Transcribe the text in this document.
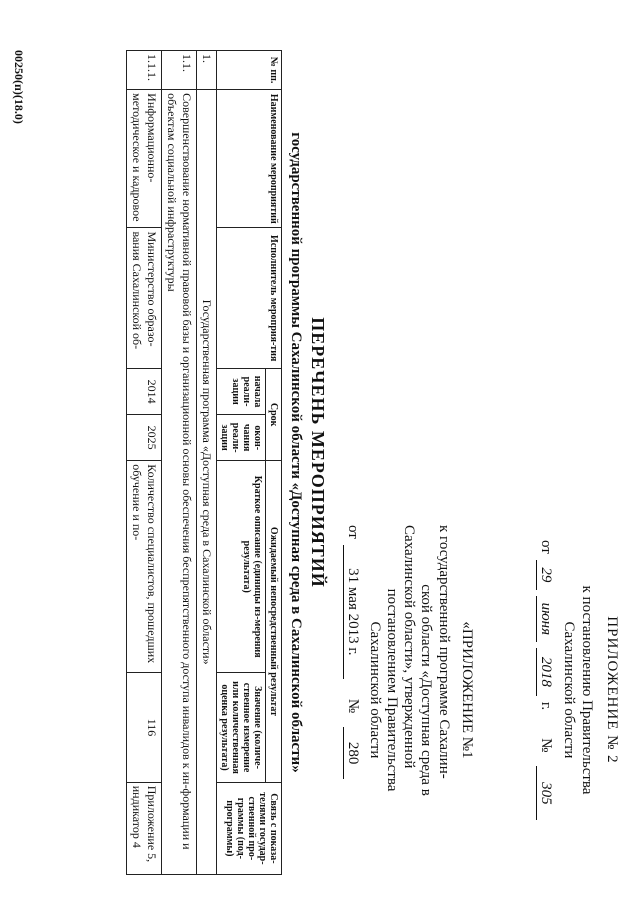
ПРИЛОЖЕНИЕ № 2
к постановлению Правительства
Сахалинской области
от
29
июня
2018
г.
№
305
«ПРИЛОЖЕНИЕ №1
к государственной программе Сахалин-
ской области «Доступная среда в
Сахалинской области», утвержденной
постановлением Правительства
Сахалинской области
от
31 мая 2013 г.
№
280
ПЕРЕЧЕНЬ МЕРОПРИЯТИЙ
государственной программы Сахалинской области «Доступная среда в Сахалинской области»
№ пп.	Наименование мероприятий	Исполнитель мероприя-тия	Срок		Ожидаемый непосредственный результат		Связь с показа-телями государ-ственной про-граммы (под-программы)
			начала реали-зации	окон-чания реали-зации	Краткое описание (единицы из-мерения результата)	Значение (количе-ственное измерение или количественная оценка результата)	
1.	Государственная программа «Доступная среда в Сахалинской области»						
1.1.	Совершенствование нормативной правовой базы и организационной основы обеспечения беспрепятственного доступа инвалидов к ин-формации и объектам социальной инфраструктуры						
1.1.1.	Информационно-методическое и кадровое	Министерство образо-вания Сахалинской об-	2014	2025	Количество специалистов, прошедших обучение и по-	116	Приложение 5, индикатор 4
00250(п)(18.0)
